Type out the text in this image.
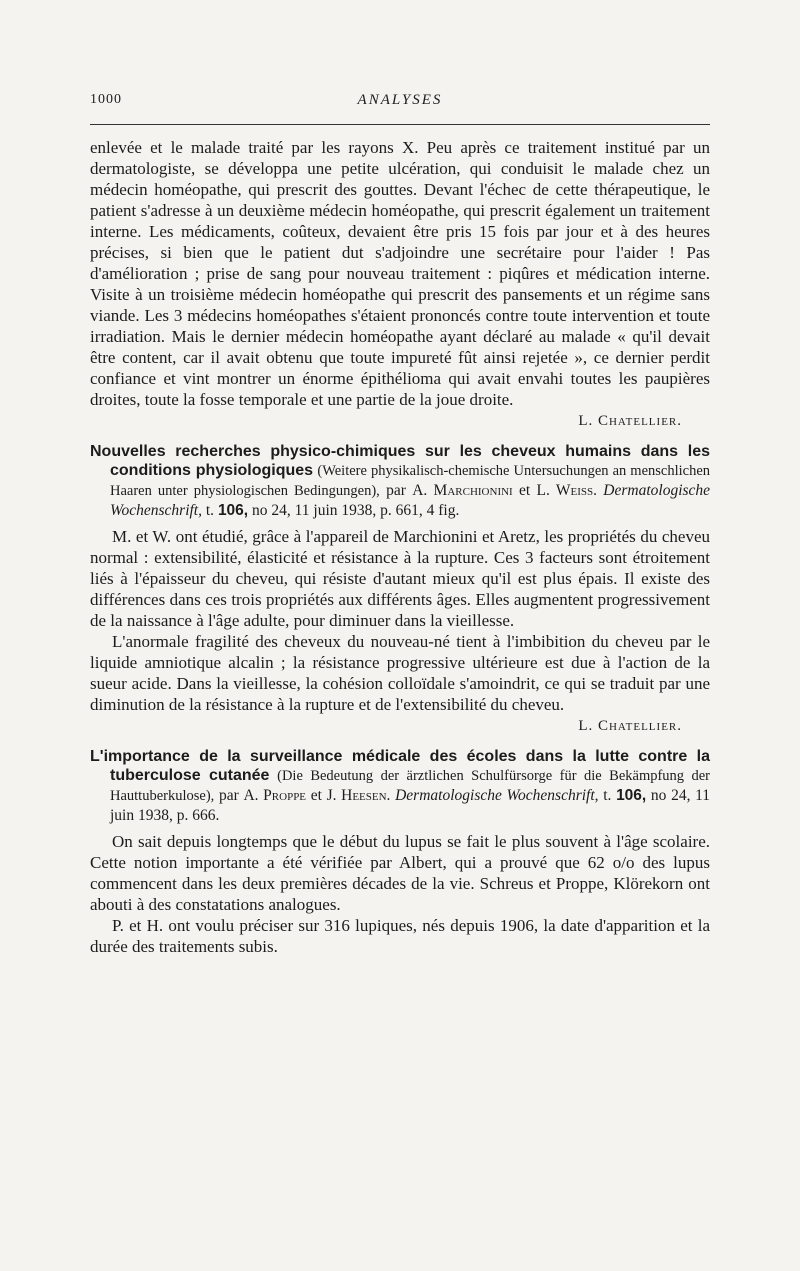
1000	ANALYSES

enlevée et le malade traité par les rayons X. Peu après ce traitement institué par un dermatologiste, se développa une petite ulcération, qui conduisit le malade chez un médecin homéopathe, qui prescrit des gouttes. Devant l'échec de cette thérapeutique, le patient s'adresse à un deuxième médecin homéopathe, qui prescrit également un traitement interne. Les médicaments, coûteux, devaient être pris 15 fois par jour et à des heures précises, si bien que le patient dut s'adjoindre une secrétaire pour l'aider ! Pas d'amélioration ; prise de sang pour nouveau traitement : piqûres et médication interne. Visite à un troisième médecin homéopathe qui prescrit des pansements et un régime sans viande. Les 3 médecins homéopathes s'étaient prononcés contre toute intervention et toute irradiation. Mais le dernier médecin homéopathe ayant déclaré au malade « qu'il devait être content, car il avait obtenu que toute impureté fût ainsi rejetée », ce dernier perdit confiance et vint montrer un énorme épithélioma qui avait envahi toutes les paupières droites, toute la fosse temporale et une partie de la joue droite.

L. Chatellier.
Nouvelles recherches physico-chimiques sur les cheveux humains dans les conditions physiologiques (Weitere physikalisch-chemische Untersuchungen an menschlichen Haaren unter physiologischen Bedingungen), par A. Marchionini et L. Weiss. Dermatologische Wochenschrift, t. 106, no 24, 11 juin 1938, p. 661, 4 fig.

M. et W. ont étudié, grâce à l'appareil de Marchionini et Aretz, les propriétés du cheveu normal : extensibilité, élasticité et résistance à la rupture. Ces 3 facteurs sont étroitement liés à l'épaisseur du cheveu, qui résiste d'autant mieux qu'il est plus épais. Il existe des différences dans ces trois propriétés aux différents âges. Elles augmentent progressivement de la naissance à l'âge adulte, pour diminuer dans la vieillesse.

L'anormale fragilité des cheveux du nouveau-né tient à l'imbibition du cheveu par le liquide amniotique alcalin ; la résistance progressive ultérieure est due à l'action de la sueur acide. Dans la vieillesse, la cohésion colloïdale s'amoindrit, ce qui se traduit par une diminution de la résistance à la rupture et de l'extensibilité du cheveu.

L. Chatellier.
L'importance de la surveillance médicale des écoles dans la lutte contre la tuberculose cutanée (Die Bedeutung der ärztlichen Schulfürsorge für die Bekämpfung der Hauttuberkulose), par A. Proppe et J. Heesen. Dermatologische Wochenschrift, t. 106, no 24, 11 juin 1938, p. 666.

On sait depuis longtemps que le début du lupus se fait le plus souvent à l'âge scolaire. Cette notion importante a été vérifiée par Albert, qui a prouvé que 62 o/o des lupus commencent dans les deux premières décades de la vie. Schreus et Proppe, Klörekorn ont abouti à des constatations analogues.

P. et H. ont voulu préciser sur 316 lupiques, nés depuis 1906, la date d'apparition et la durée des traitements subis.
